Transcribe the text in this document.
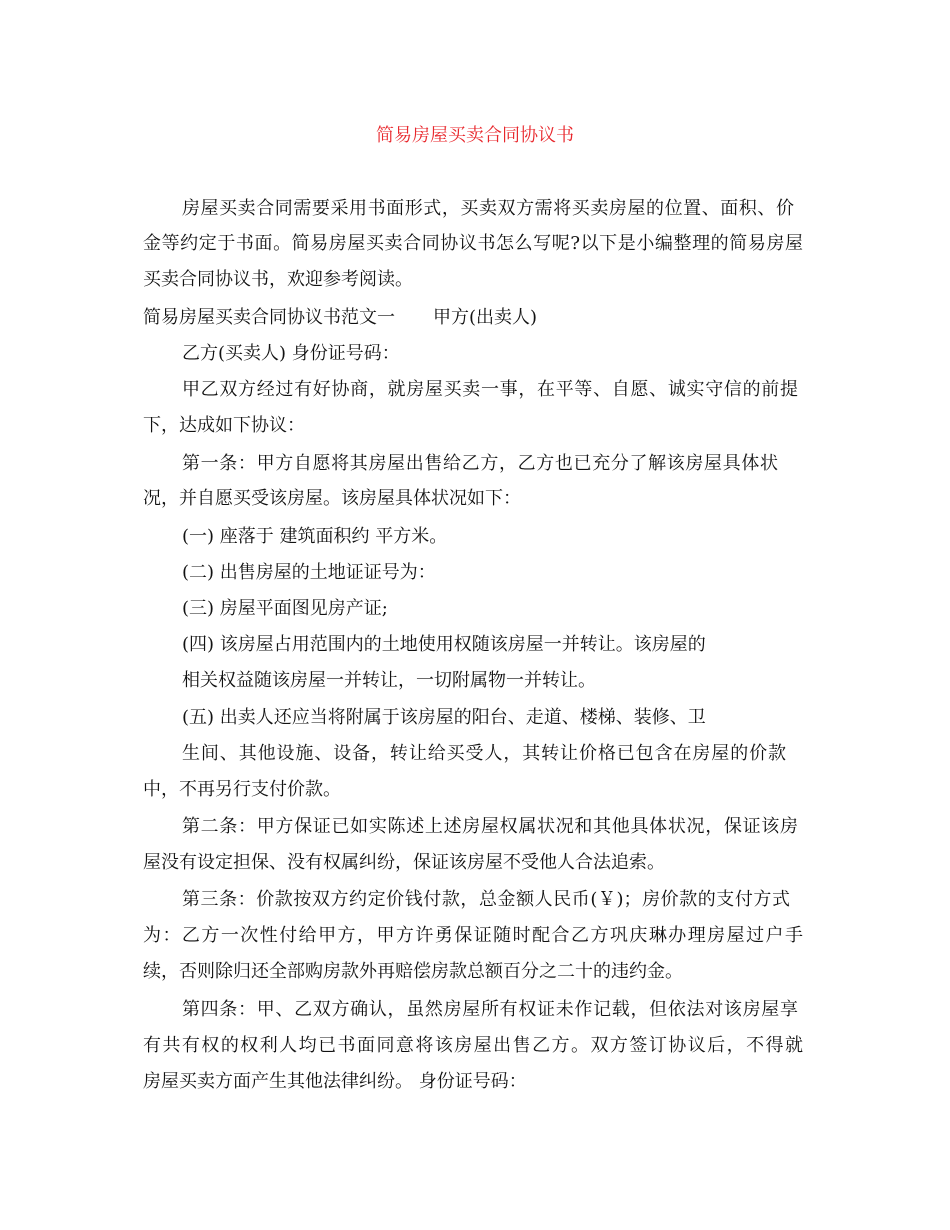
简易房屋买卖合同协议书
房屋买卖合同需要采用书面形式，买卖双方需将买卖房屋的位置、面积、价
金等约定于书面。简易房屋买卖合同协议书怎么写呢?以下是小编整理的简易房屋
买卖合同协议书，欢迎参考阅读。
简易房屋买卖合同协议书范文一 甲方(出卖人)
乙方(买卖人) 身份证号码：
甲乙双方经过有好协商，就房屋买卖一事，在平等、自愿、诚实守信的前提
下，达成如下协议：
第一条：甲方自愿将其房屋出售给乙方，乙方也已充分了解该房屋具体状
况，并自愿买受该房屋。该房屋具体状况如下：
(一) 座落于 建筑面积约 平方米。
(二) 出售房屋的土地证证号为：
(三) 房屋平面图见房产证;
(四) 该房屋占用范围内的土地使用权随该房屋一并转让。该房屋的
相关权益随该房屋一并转让，一切附属物一并转让。
(五) 出卖人还应当将附属于该房屋的阳台、走道、楼梯、装修、卫
生间、其他设施、设备，转让给买受人，其转让价格已包含在房屋的价款
中，不再另行支付价款。
第二条：甲方保证已如实陈述上述房屋权属状况和其他具体状况，保证该房
屋没有设定担保、没有权属纠纷，保证该房屋不受他人合法追索。
第三条：价款按双方约定价钱付款，总金额人民币(￥)；房价款的支付方式
为：乙方一次性付给甲方，甲方许勇保证随时配合乙方巩庆琳办理房屋过户手
续，否则除归还全部购房款外再赔偿房款总额百分之二十的违约金。
第四条：甲、乙双方确认，虽然房屋所有权证未作记载，但依法对该房屋享
有共有权的权利人均已书面同意将该房屋出售乙方。双方签订协议后，不得就
房屋买卖方面产生其他法律纠纷。 身份证号码：
